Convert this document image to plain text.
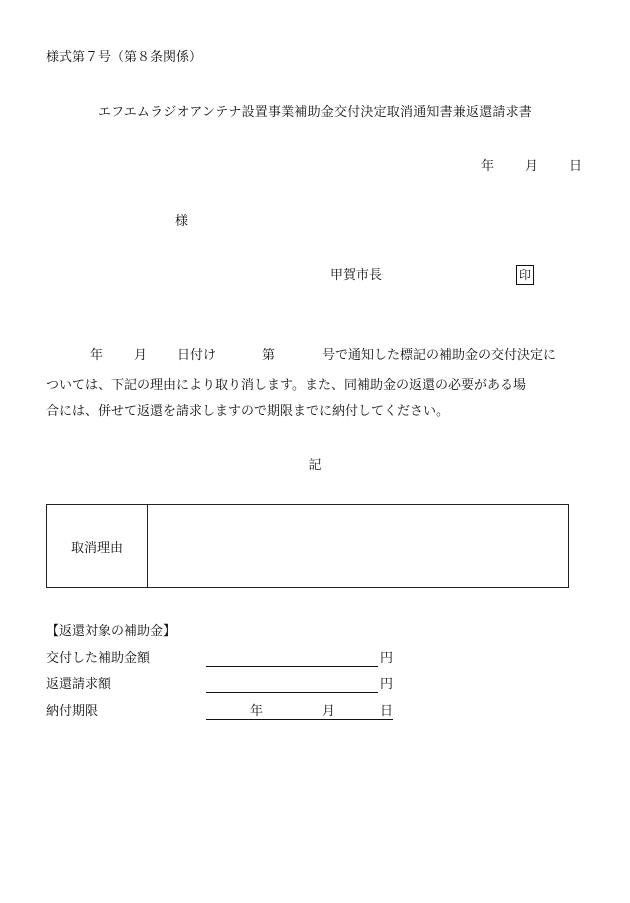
様式第７号（第８条関係）
エフエムラジオアンテナ設置事業補助金交付決定取消通知書兼返還請求書
年 月 日
様
甲賀市長	印
年 月 日付け	第	号で通知した標記の補助金の交付決定に
ついては、下記の理由により取り消します。また、同補助金の返還の必要がある場
合には、併せて返還を請求しますので期限までに納付してください。
記
取消理由
【返還対象の補助金】
交付した補助金額	円
返還請求額	円
納付期限	年	月	日
